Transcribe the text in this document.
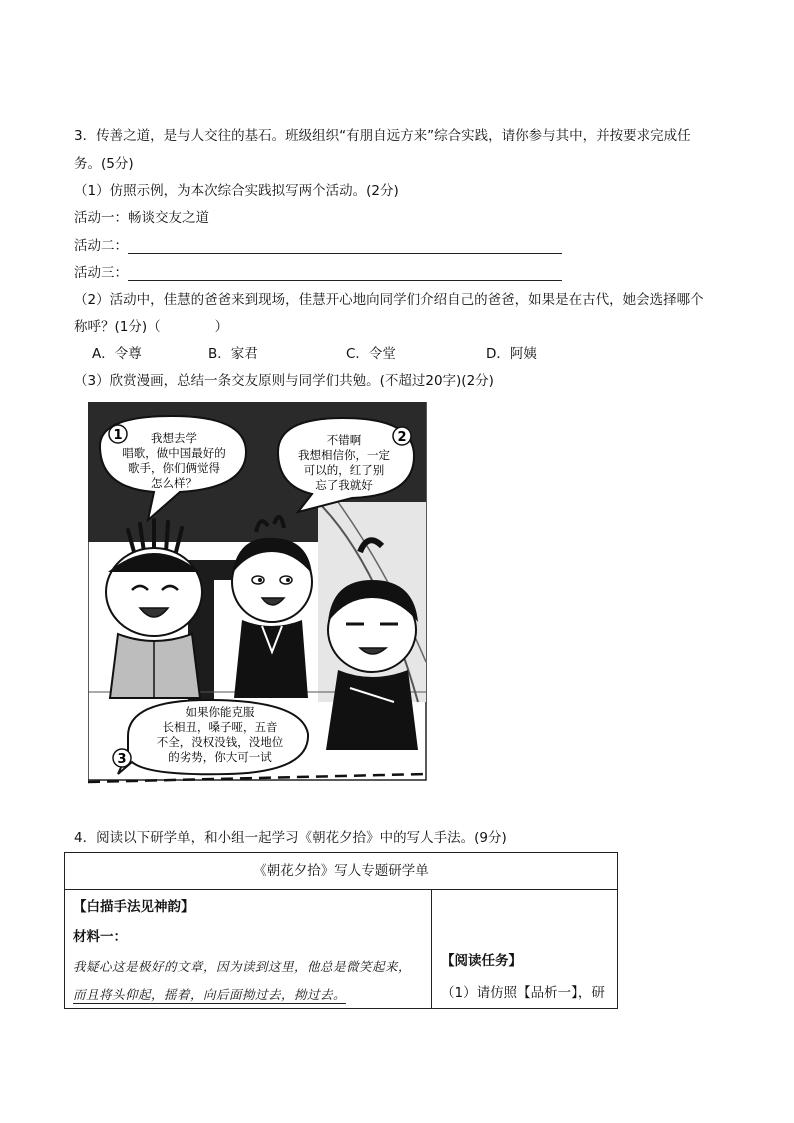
3．传善之道，是与人交往的基石。班级组织“有朋自远方来”综合实践，请你参与其中，并按要求完成任
务。(5分)
（1）仿照示例，为本次综合实践拟写两个活动。(2分)
活动一：畅谈交友之道
活动二：
活动三：
（2）活动中，佳慧的爸爸来到现场，佳慧开心地向同学们介绍自己的爸爸，如果是在古代，她会选择哪个
称呼？(1分)（　　　　）
A．令尊	B．家君	C．令堂	D．阿姨
（3）欣赏漫画，总结一条交友原则与同学们共勉。(不超过20字)(2分)
1 我想去学
唱歌，做中国最好的
歌手，你们俩觉得
怎么样？
2
不错啊
我想相信你，一定
可以的，红了别
忘了我就好
3
如果你能克服
长相丑，嗓子哑，五音
不全，没权没钱，没地位
的劣势，你大可一试
4．阅读以下研学单，和小组一起学习《朝花夕拾》中的写人手法。(9分)
《朝花夕拾》写人专题研学单
【白描手法见神韵】
材料一：
我疑心这是极好的文章，因为读到这里，他总是微笑起来，
而且将头仰起，摇着，向后面拗过去，拗过去。
【阅读任务】
（1）请仿照【品析一】，研
